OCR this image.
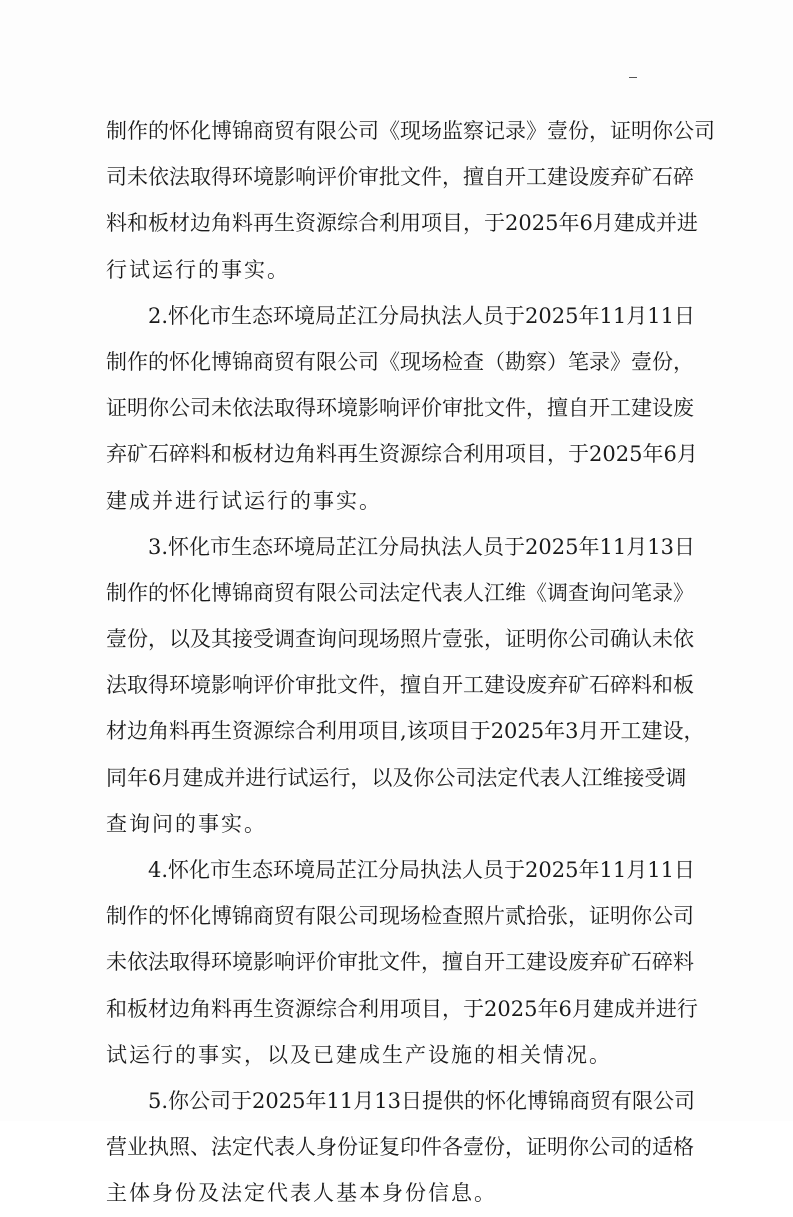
制 作 的 怀 化 博 锦 商 贸 有 限 公 司 《 现 场 监 察 记 录 》 壹 份 ， 证 明 你 公 司
司 未 依 法 取 得 环 境 影 响 评 价 审 批 文 件 ， 擅 自 开 工 建 设 废 弃 矿 石 碎
料 和 板 材 边 角 料 再 生 资 源 综 合 利 用 项 目 ， 于 2025 年 6 月 建 成 并 进
行试运行的事实。
2. 怀 化 市 生 态 环 境 局 芷 江 分 局 执 法 人 员 于 2025 年 11 月 11 日
制 作 的 怀 化 博 锦 商 贸 有 限 公 司 《 现 场 检 查 （ 勘 察 ） 笔 录 》 壹 份 ，
证 明 你 公 司 未 依 法 取 得 环 境 影 响 评 价 审 批 文 件 ， 擅 自 开 工 建 设 废
弃 矿 石 碎 料 和 板 材 边 角 料 再 生 资 源 综 合 利 用 项 目 ， 于 2025 年 6 月
建成并进行试运行的事实。
3. 怀 化 市 生 态 环 境 局 芷 江 分 局 执 法 人 员 于 2025 年 11 月 13 日
制 作 的 怀 化 博 锦 商 贸 有 限 公 司 法 定 代 表 人 江 维 《 调 查 询 问 笔 录 》
壹 份 ， 以 及 其 接 受 调 查 询 问 现 场 照 片 壹 张 ， 证 明 你 公 司 确 认 未 依
法 取 得 环 境 影 响 评 价 审 批 文 件 ， 擅 自 开 工 建 设 废 弃 矿 石 碎 料 和 板
材 边 角 料 再 生 资 源 综 合 利 用 项 目 , 该 项 目 于 2025 年 3 月 开 工 建 设 ，
同 年 6 月 建 成 并 进 行 试 运 行 ， 以 及 你 公 司 法 定 代 表 人 江 维 接 受 调
查询问的事实。
4. 怀 化 市 生 态 环 境 局 芷 江 分 局 执 法 人 员 于 2025 年 11 月 11 日
制 作 的 怀 化 博 锦 商 贸 有 限 公 司 现 场 检 查 照 片 贰 拾 张 ， 证 明 你 公 司
未 依 法 取 得 环 境 影 响 评 价 审 批 文 件 ， 擅 自 开 工 建 设 废 弃 矿 石 碎 料
和 板 材 边 角 料 再 生 资 源 综 合 利 用 项 目 ， 于 2025 年 6 月 建 成 并 进 行
试运行的事实，以及已建成生产设施的相关情况。
5. 你 公 司 于 2025 年 11 月 13 日 提 供 的 怀 化 博 锦 商 贸 有 限 公 司
营 业 执 照 、 法 定 代 表 人 身 份 证 复 印 件 各 壹 份 ， 证 明 你 公 司 的 适 格
主体身份及法定代表人基本身份信息。
